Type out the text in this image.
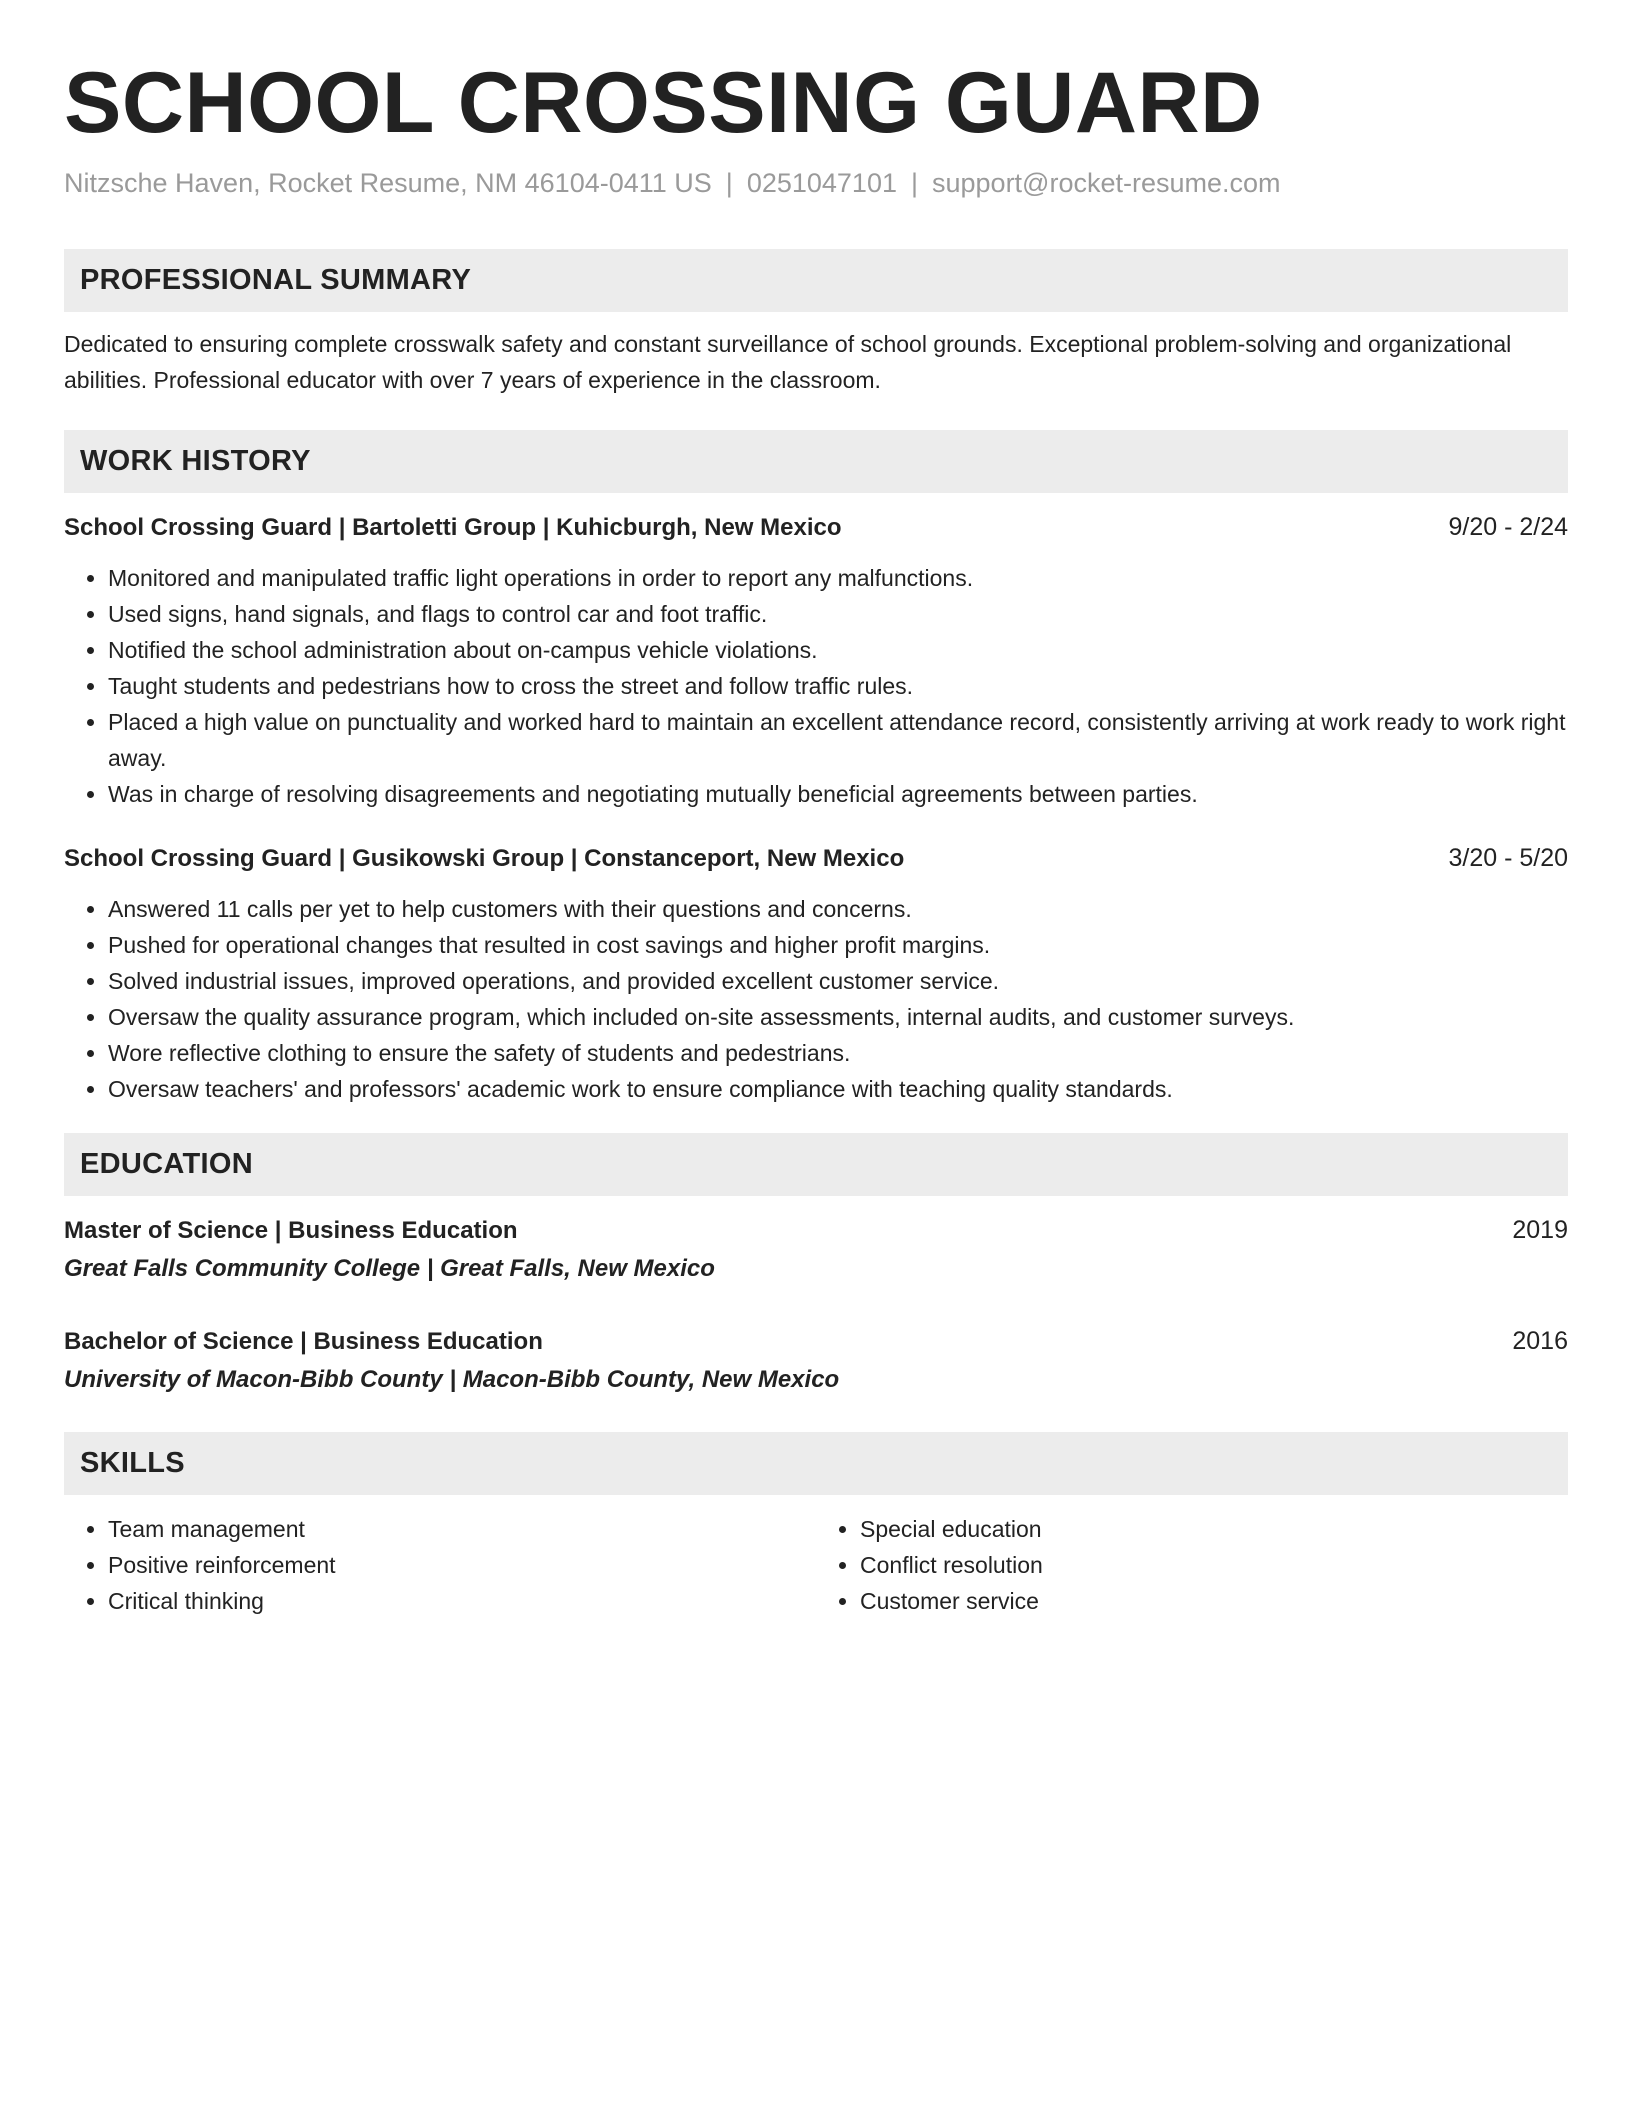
SCHOOL CROSSING GUARD
Nitzsche Haven, Rocket Resume, NM 46104-0411 US | 0251047101 | support@rocket-resume.com
PROFESSIONAL SUMMARY
Dedicated to ensuring complete crosswalk safety and constant surveillance of school grounds. Exceptional problem-solving and organizational abilities. Professional educator with over 7 years of experience in the classroom.
WORK HISTORY
School Crossing Guard | Bartoletti Group | Kuhicburgh, New Mexico	9/20 - 2/24
• Monitored and manipulated traffic light operations in order to report any malfunctions.
• Used signs, hand signals, and flags to control car and foot traffic.
• Notified the school administration about on-campus vehicle violations.
• Taught students and pedestrians how to cross the street and follow traffic rules.
• Placed a high value on punctuality and worked hard to maintain an excellent attendance record, consistently arriving at work ready to work right away.
• Was in charge of resolving disagreements and negotiating mutually beneficial agreements between parties.
School Crossing Guard | Gusikowski Group | Constanceport, New Mexico	3/20 - 5/20
• Answered 11 calls per yet to help customers with their questions and concerns.
• Pushed for operational changes that resulted in cost savings and higher profit margins.
• Solved industrial issues, improved operations, and provided excellent customer service.
• Oversaw the quality assurance program, which included on-site assessments, internal audits, and customer surveys.
• Wore reflective clothing to ensure the safety of students and pedestrians.
• Oversaw teachers' and professors' academic work to ensure compliance with teaching quality standards.
EDUCATION
Master of Science | Business Education	2019
Great Falls Community College | Great Falls, New Mexico
Bachelor of Science | Business Education	2016
University of Macon-Bibb County | Macon-Bibb County, New Mexico
SKILLS
• Team management
• Positive reinforcement
• Critical thinking
• Special education
• Conflict resolution
• Customer service
